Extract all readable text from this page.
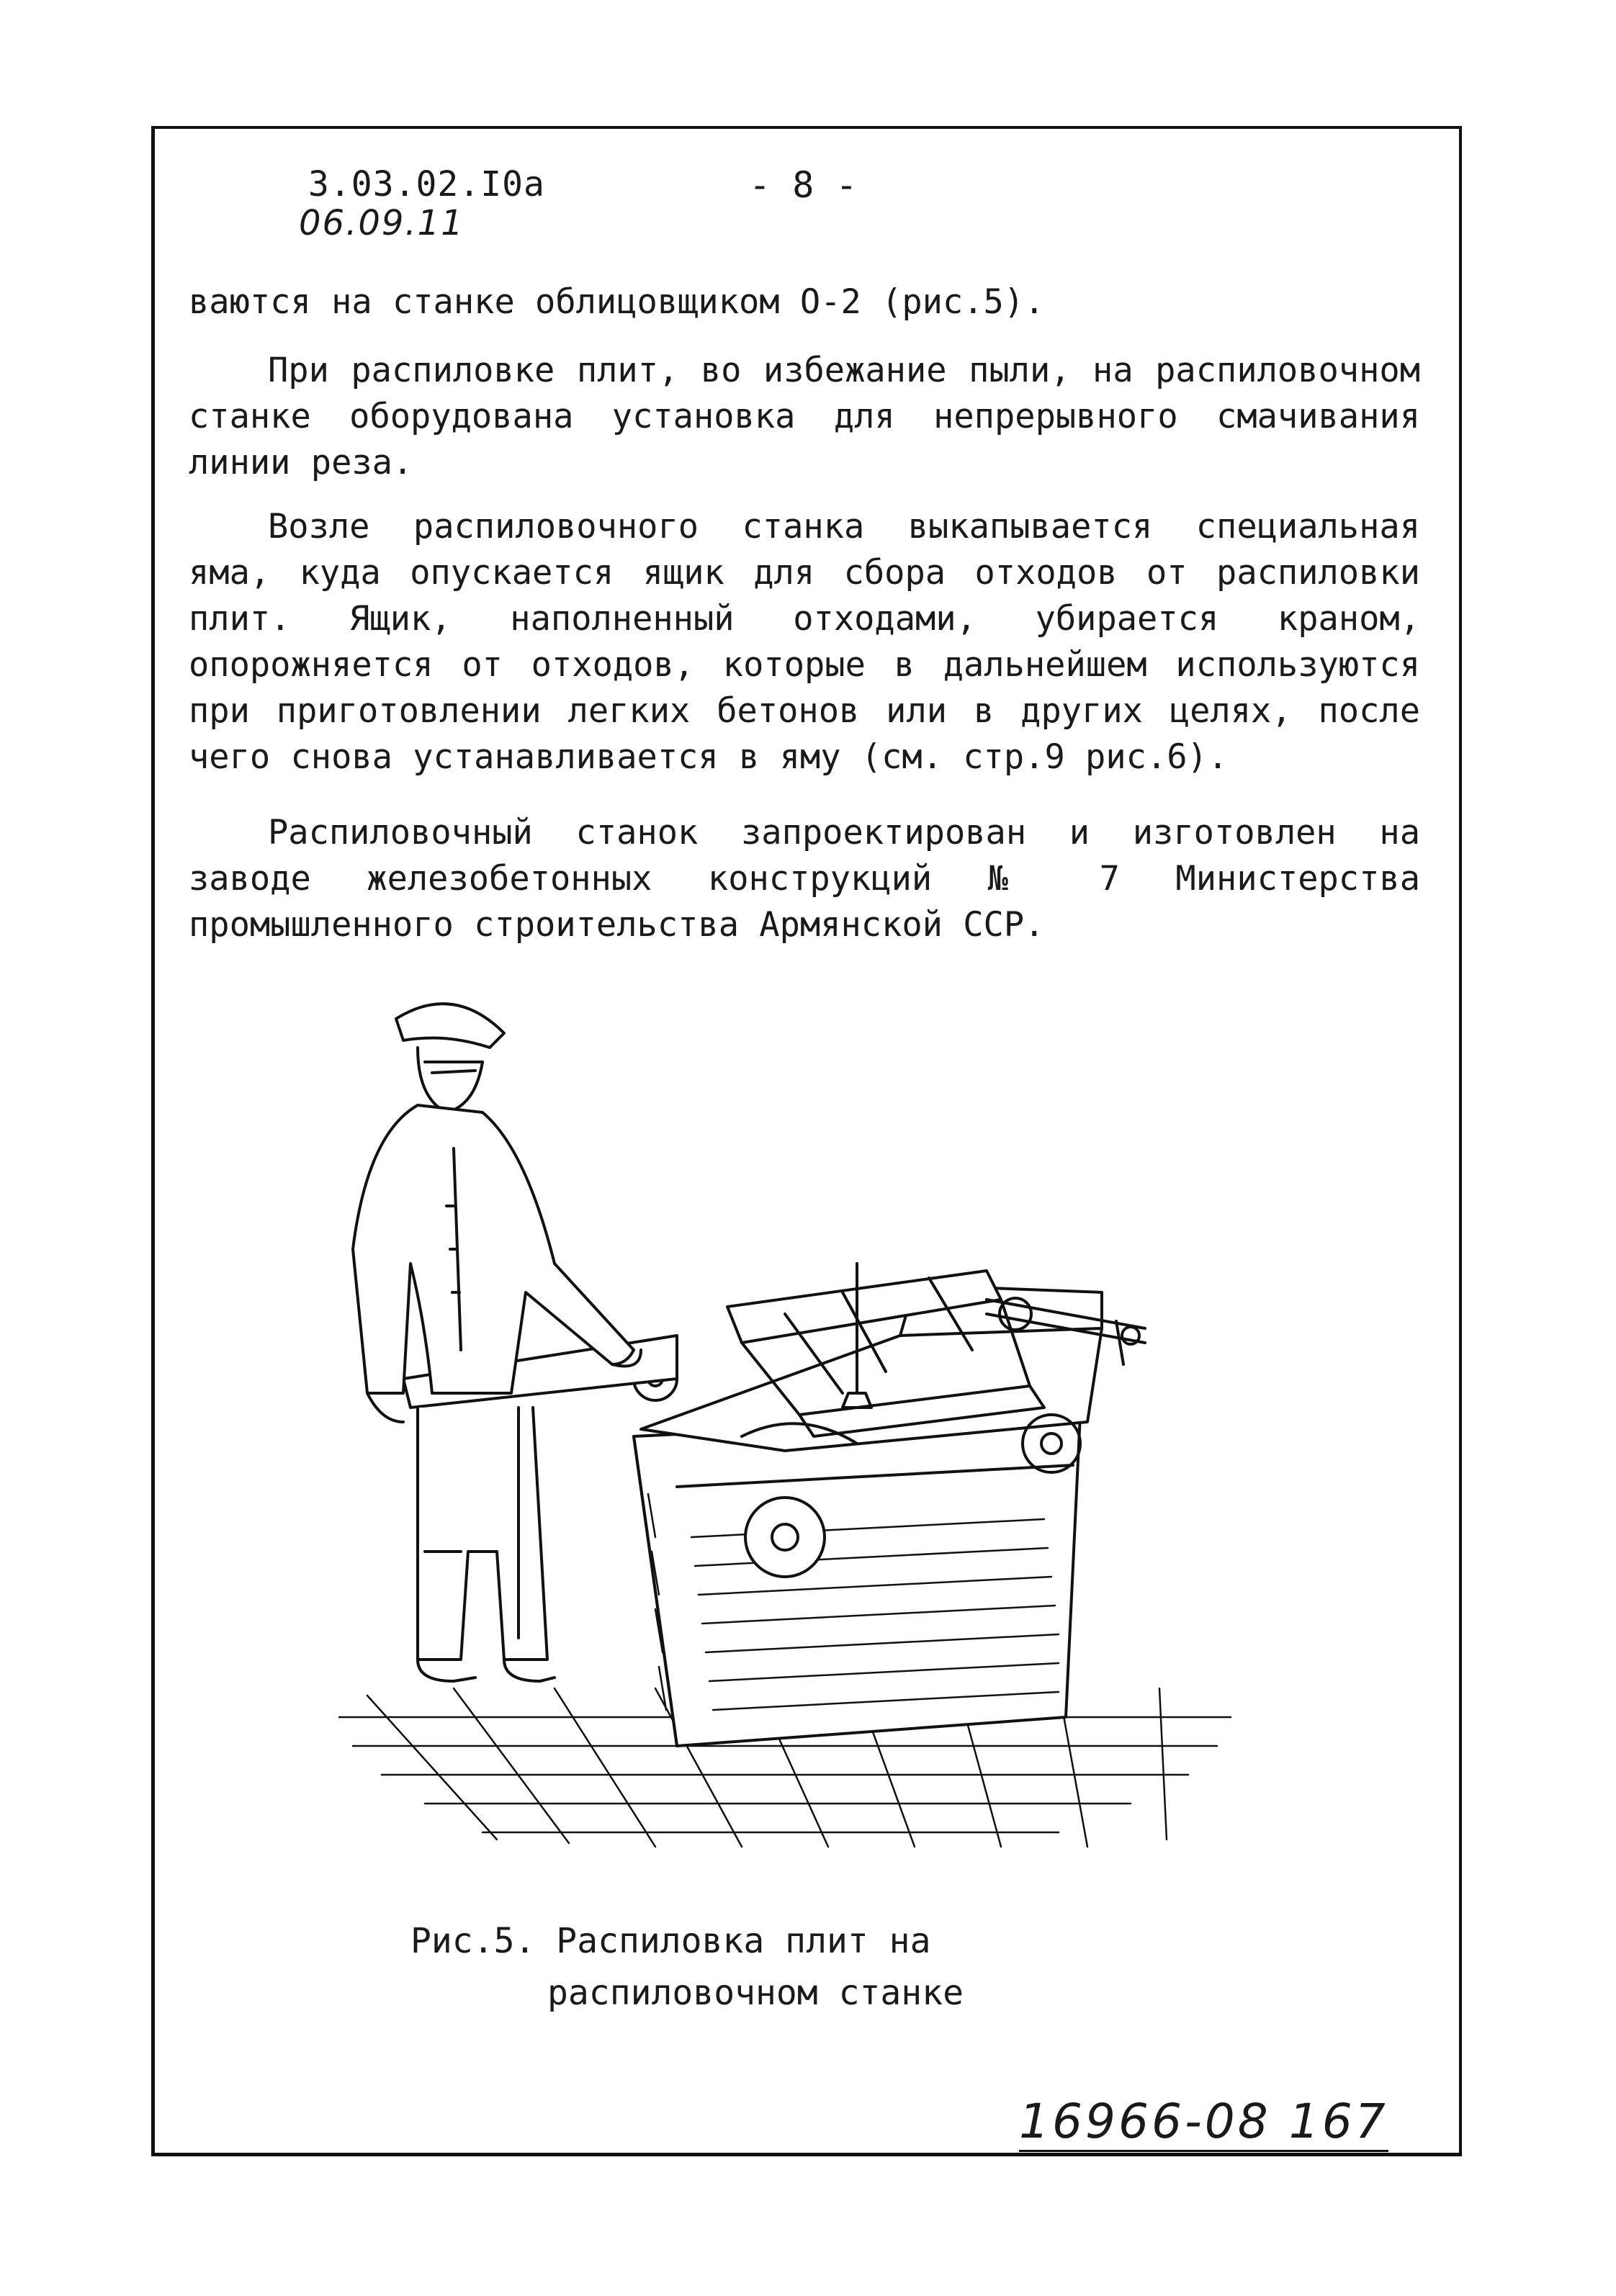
3.03.02.I0a
06.09.11
- 8 -

ваются на станке облицовщиком О-2 (рис.5).

При распиловке плит, во избежание пыли, на распиловочном станке оборудована установка для непрерывного смачивания линии реза.

Возле распиловочного станка выкапывается специальная яма, куда опускается ящик для сбора отходов от распиловки плит. Ящик, наполненный отходами, убирается краном, опорожняется от отходов, которые в дальнейшем используются при приготовлении легких бетонов или в других целях, после чего снова устанавливается в яму (см. стр.9 рис.6).

Распиловочный станок запроектирован и изготовлен на заводе железобетонных конструкций № 7 Министерства промышленного строительства Армянской ССР.

Рис.5. Распиловка плит на
распиловочном станке
16966-08 167
